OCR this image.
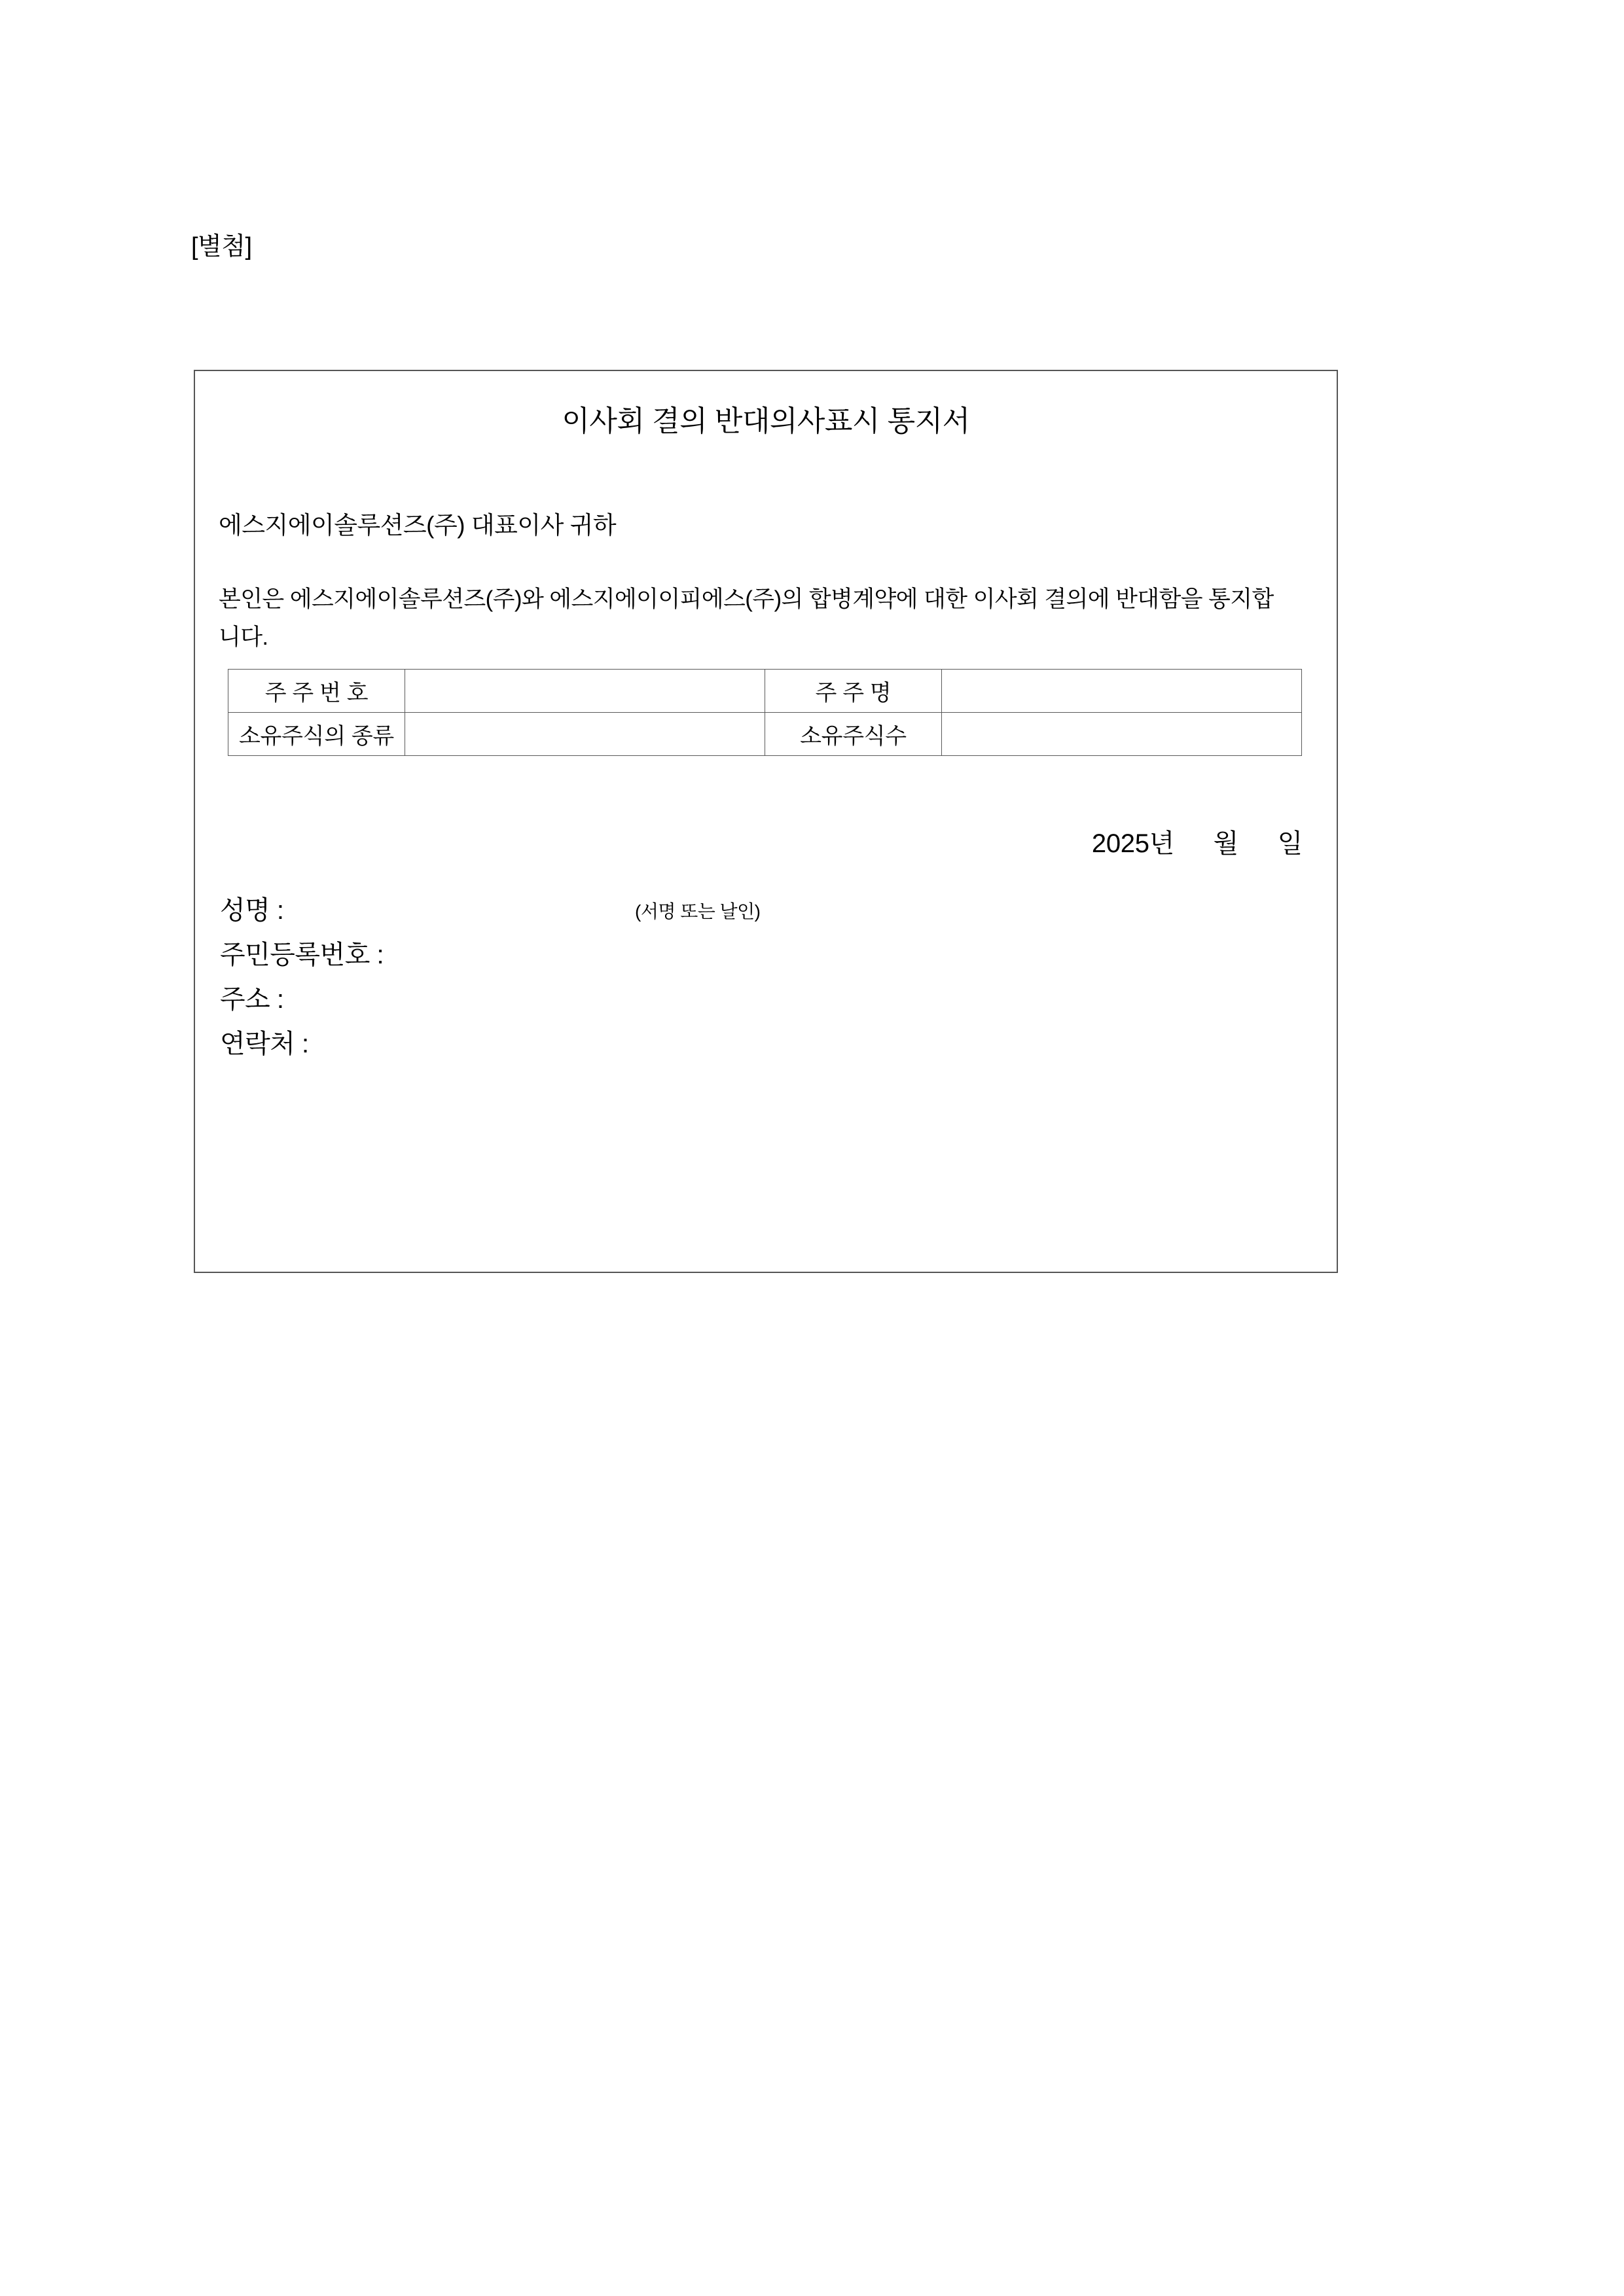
[별첨]
이사회 결의 반대의사표시 통지서
에스지에이솔루션즈(주) 대표이사 귀하
본인은 에스지에이솔루션즈(주)와 에스지에이이피에스(주)의 합병계약에 대한 이사회 결의에 반대함을 통지합니다.
주 주 번 호		주 주 명	
소유주식의 종류		소유주식수	
2025년 월 일
성명 :	(서명 또는 날인)
주민등록번호 :
주소 :
연락처 :
